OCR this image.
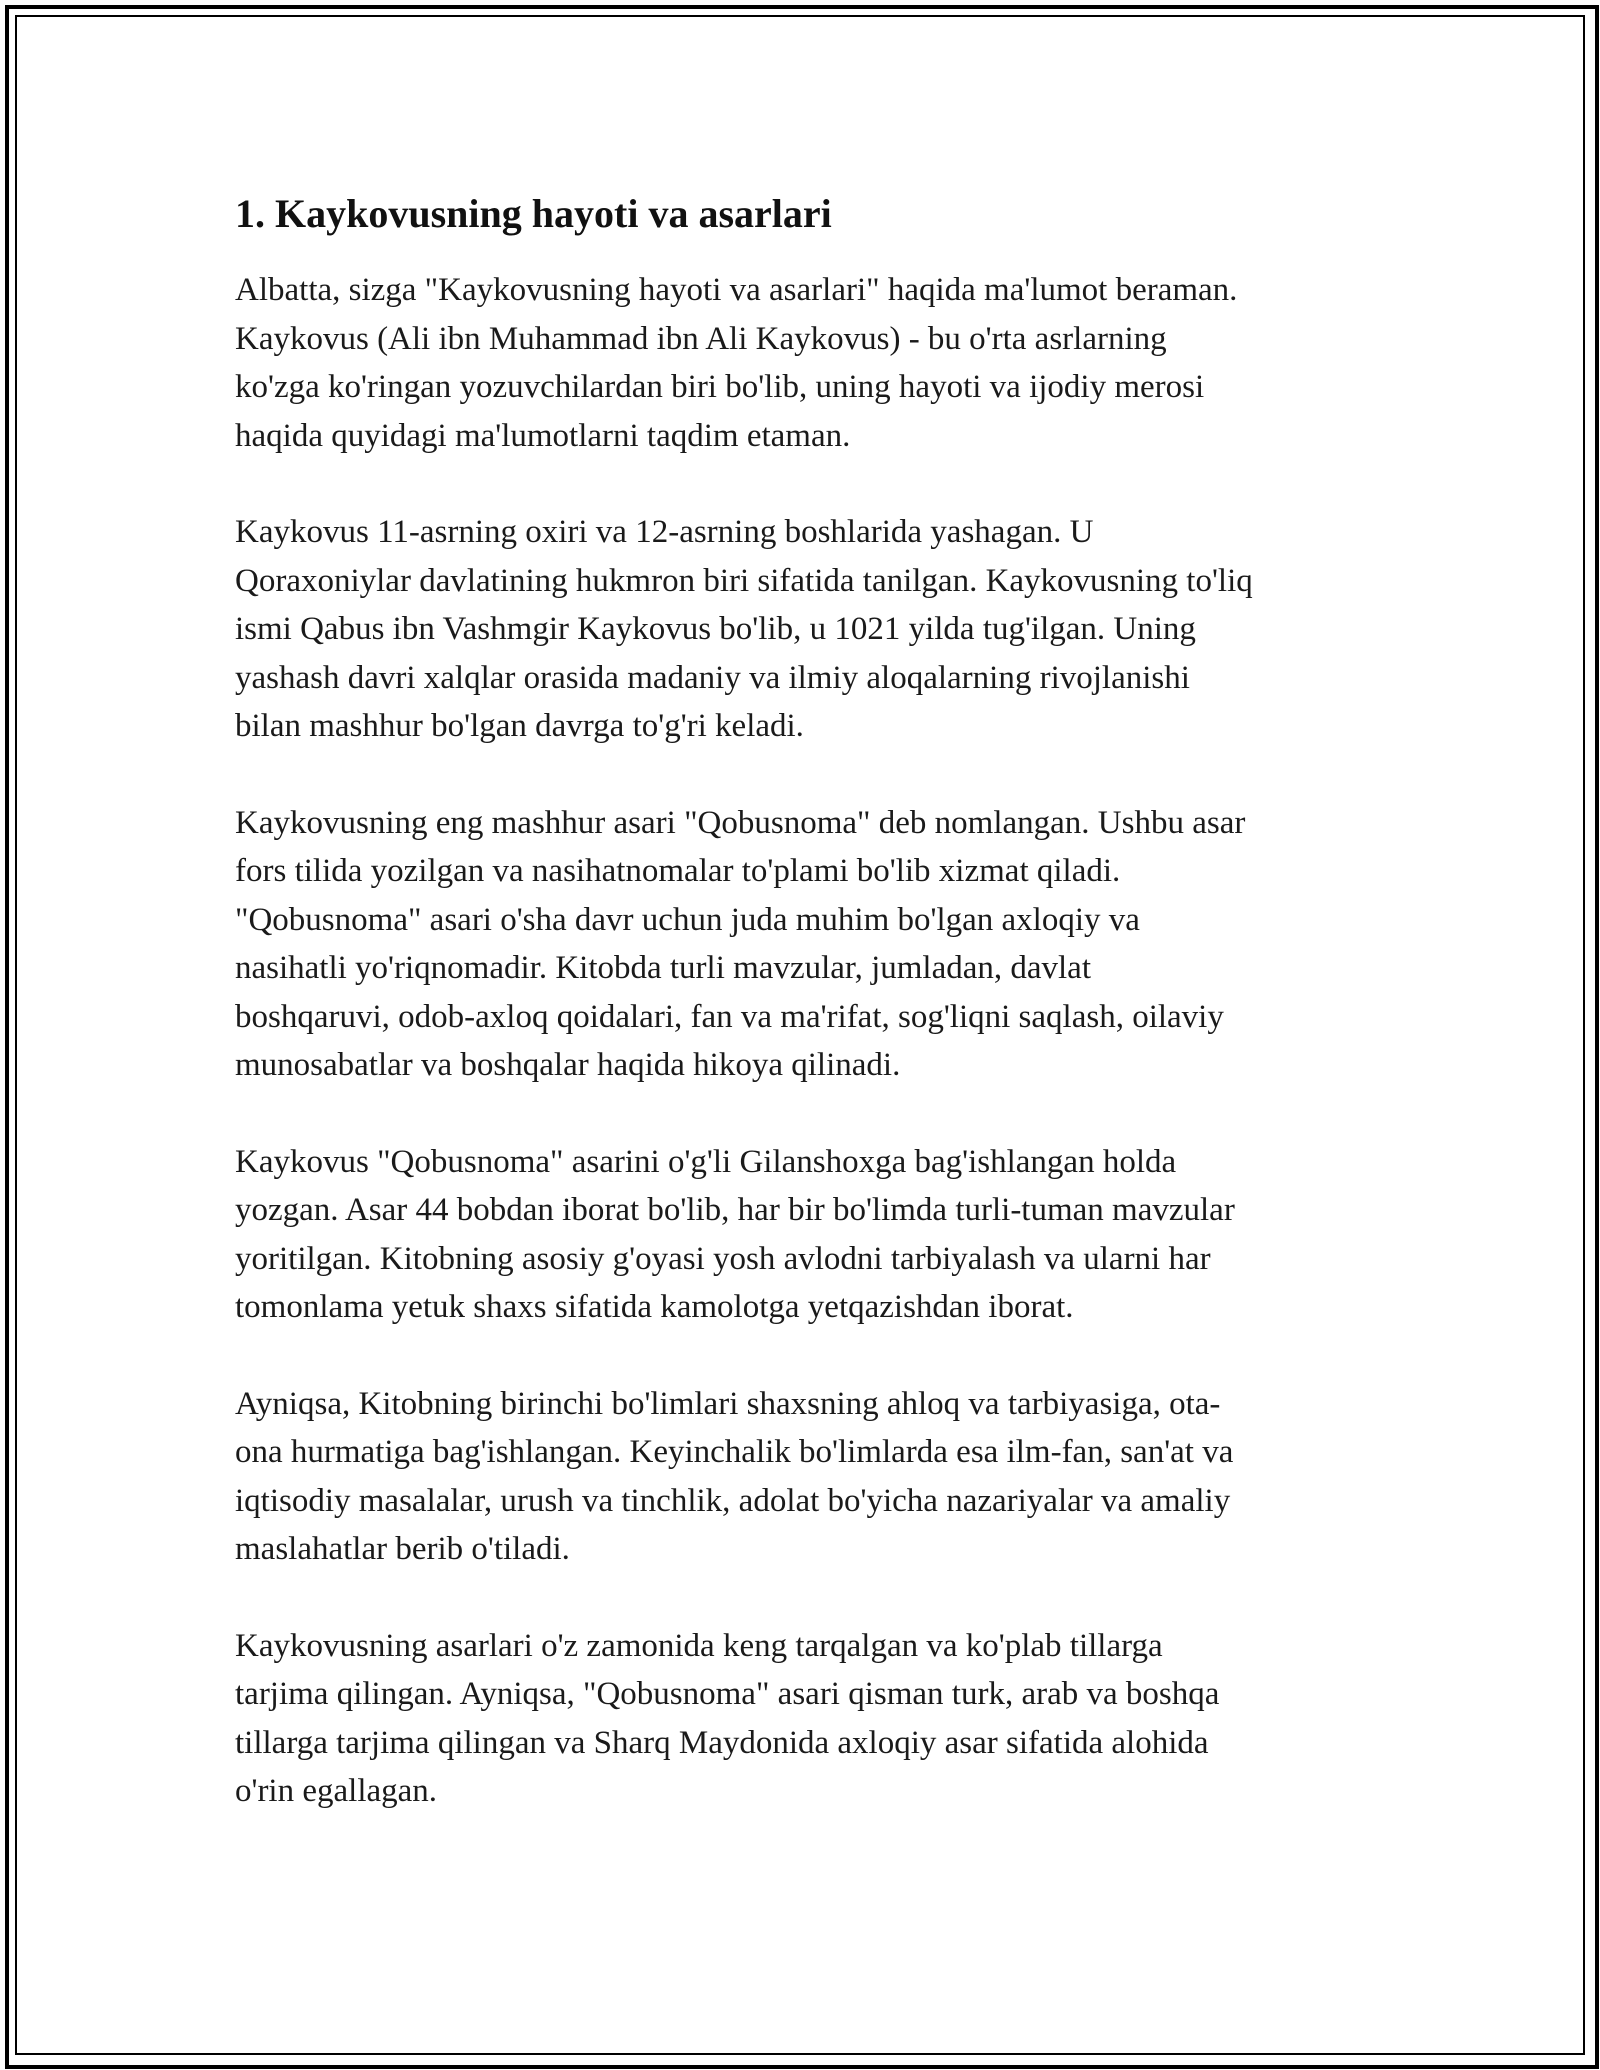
1. Kaykovusning hayoti va asarlari

Albatta, sizga "Kaykovusning hayoti va asarlari" haqida ma'lumot beraman.
Kaykovus (Ali ibn Muhammad ibn Ali Kaykovus) - bu o'rta asrlarning
ko'zga ko'ringan yozuvchilardan biri bo'lib, uning hayoti va ijodiy merosi
haqida quyidagi ma'lumotlarni taqdim etaman.

Kaykovus 11-asrning oxiri va 12-asrning boshlarida yashagan. U
Qoraxoniylar davlatining hukmron biri sifatida tanilgan. Kaykovusning to'liq
ismi Qabus ibn Vashmgir Kaykovus bo'lib, u 1021 yilda tug'ilgan. Uning
yashash davri xalqlar orasida madaniy va ilmiy aloqalarning rivojlanishi
bilan mashhur bo'lgan davrga to'g'ri keladi.

Kaykovusning eng mashhur asari "Qobusnoma" deb nomlangan. Ushbu asar
fors tilida yozilgan va nasihatnomalar to'plami bo'lib xizmat qiladi.
"Qobusnoma" asari o'sha davr uchun juda muhim bo'lgan axloqiy va
nasihatli yo'riqnomadir. Kitobda turli mavzular, jumladan, davlat
boshqaruvi, odob-axloq qoidalari, fan va ma'rifat, sog'liqni saqlash, oilaviy
munosabatlar va boshqalar haqida hikoya qilinadi.

Kaykovus "Qobusnoma" asarini o'g'li Gilanshoxga bag'ishlangan holda
yozgan. Asar 44 bobdan iborat bo'lib, har bir bo'limda turli-tuman mavzular
yoritilgan. Kitobning asosiy g'oyasi yosh avlodni tarbiyalash va ularni har
tomonlama yetuk shaxs sifatida kamolotga yetqazishdan iborat.

Ayniqsa, Kitobning birinchi bo'limlari shaxsning ahloq va tarbiyasiga, ota-
ona hurmatiga bag'ishlangan. Keyinchalik bo'limlarda esa ilm-fan, san'at va
iqtisodiy masalalar, urush va tinchlik, adolat bo'yicha nazariyalar va amaliy
maslahatlar berib o'tiladi.

Kaykovusning asarlari o'z zamonida keng tarqalgan va ko'plab tillarga
tarjima qilingan. Ayniqsa, "Qobusnoma" asari qisman turk, arab va boshqa
tillarga tarjima qilingan va Sharq Maydonida axloqiy asar sifatida alohida
o'rin egallagan.
